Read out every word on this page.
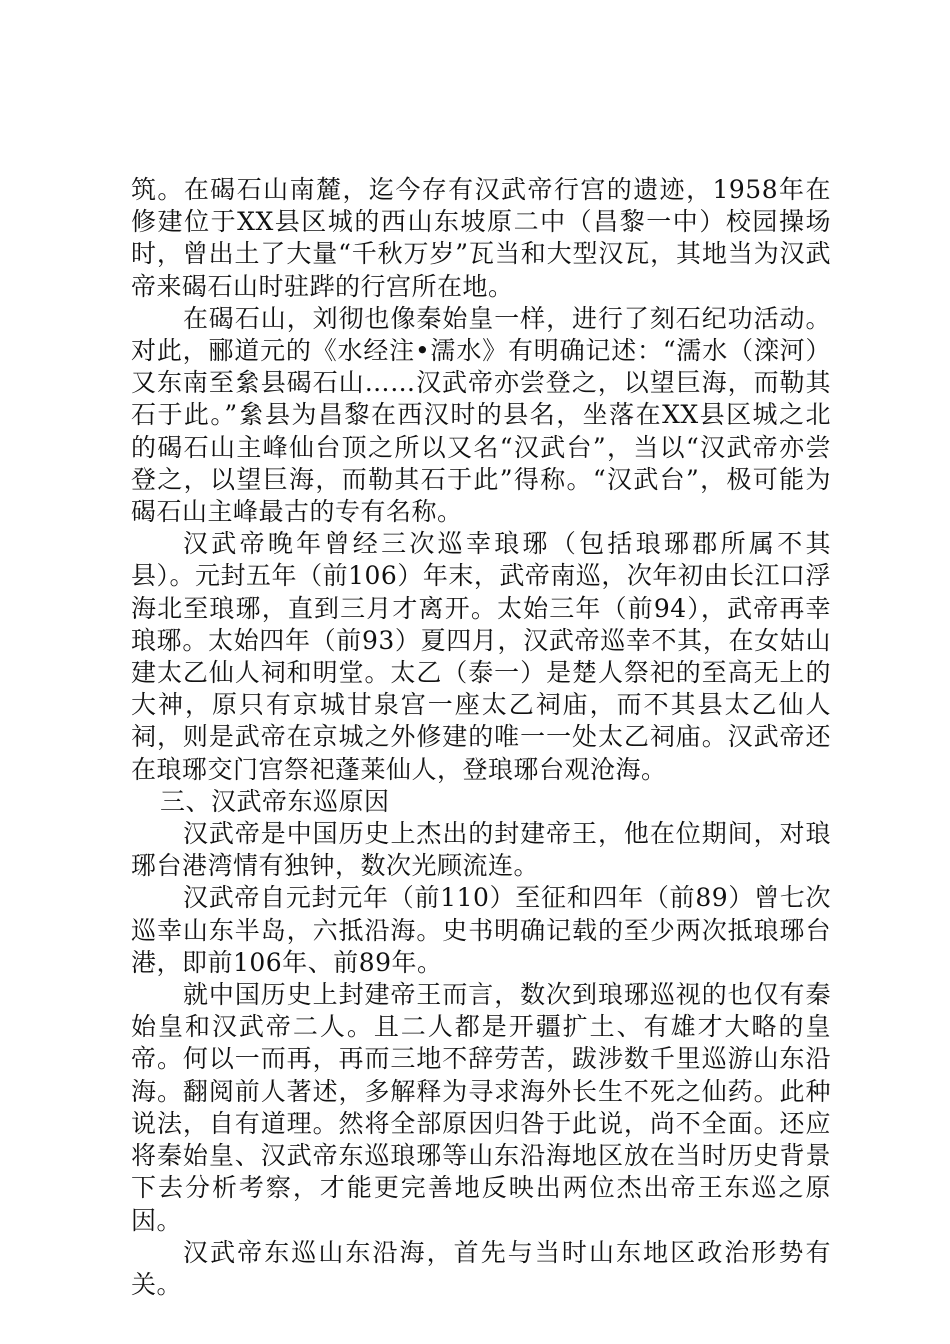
筑。在碣石山南麓，迄今存有汉武帝行宫的遗迹，1958年在修建位于XX县区城的西山东坡原二中（昌黎一中）校园操场时，曾出土了大量“千秋万岁”瓦当和大型汉瓦，其地当为汉武帝来碣石山时驻跸的行宫所在地。

在碣石山，刘彻也像秦始皇一样，进行了刻石纪功活动。对此，郦道元的《水经注•濡水》有明确记述：“濡水（滦河）又东南至絫县碣石山……汉武帝亦尝登之，以望巨海，而勒其石于此。”絫县为昌黎在西汉时的县名，坐落在XX县区城之北的碣石山主峰仙台顶之所以又名“汉武台”，当以“汉武帝亦尝登之，以望巨海，而勒其石于此”得称。“汉武台”，极可能为碣石山主峰最古的专有名称。

汉武帝晚年曾经三次巡幸琅琊（包括琅琊郡所属不其县）。元封五年（前106）年末，武帝南巡，次年初由长江口浮海北至琅琊，直到三月才离开。太始三年（前94），武帝再幸琅琊。太始四年（前93）夏四月，汉武帝巡幸不其，在女姑山建太乙仙人祠和明堂。太乙（泰一）是楚人祭祀的至高无上的大神，原只有京城甘泉宫一座太乙祠庙，而不其县太乙仙人祠，则是武帝在京城之外修建的唯一一处太乙祠庙。汉武帝还在琅琊交门宫祭祀蓬莱仙人，登琅琊台观沧海。

三、汉武帝东巡原因

汉武帝是中国历史上杰出的封建帝王，他在位期间，对琅琊台港湾情有独钟，数次光顾流连。

汉武帝自元封元年（前110）至征和四年（前89）曾七次巡幸山东半岛，六抵沿海。史书明确记载的至少两次抵琅琊台港，即前106年、前89年。

就中国历史上封建帝王而言，数次到琅琊巡视的也仅有秦始皇和汉武帝二人。且二人都是开疆扩土、有雄才大略的皇帝。何以一而再，再而三地不辞劳苦，跋涉数千里巡游山东沿海。翻阅前人著述，多解释为寻求海外长生不死之仙药。此种说法，自有道理。然将全部原因归咎于此说，尚不全面。还应将秦始皇、汉武帝东巡琅琊等山东沿海地区放在当时历史背景下去分析考察，才能更完善地反映出两位杰出帝王东巡之原因。

汉武帝东巡山东沿海，首先与当时山东地区政治形势有关。
